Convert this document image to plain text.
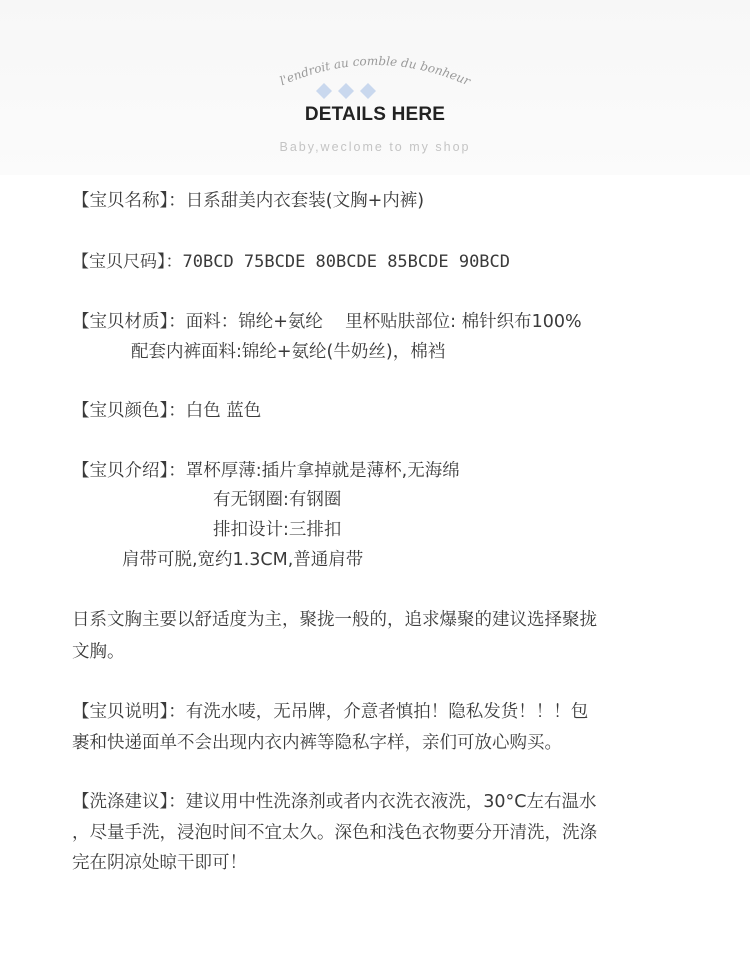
l'endroit au comble du bonheur
DETAILS HERE
Baby,weclome to my shop
【宝贝名称】：日系甜美内衣套装(文胸+内裤)
【宝贝尺码】：70BCD 75BCDE 80BCDE 85BCDE 90BCD
【宝贝材质】：面料：锦纶+氨纶    里杯贴肤部位: 棉针织布100%
配套内裤面料:锦纶+氨纶(牛奶丝)，棉裆
【宝贝颜色】：白色 蓝色
【宝贝介绍】：罩杯厚薄:插片拿掉就是薄杯,无海绵
有无钢圈:有钢圈
排扣设计:三排扣
肩带可脱,宽约1.3CM,普通肩带
日系文胸主要以舒适度为主，聚拢一般的，追求爆聚的建议选择聚拢
文胸。
【宝贝说明】：有洗水唛，无吊牌，介意者慎拍！隐私发货！！！包
裹和快递面单不会出现内衣内裤等隐私字样，亲们可放心购买。
【洗涤建议】：建议用中性洗涤剂或者内衣洗衣液洗，30°C左右温水
，尽量手洗，浸泡时间不宜太久。深色和浅色衣物要分开清洗，洗涤
完在阴凉处晾干即可！
